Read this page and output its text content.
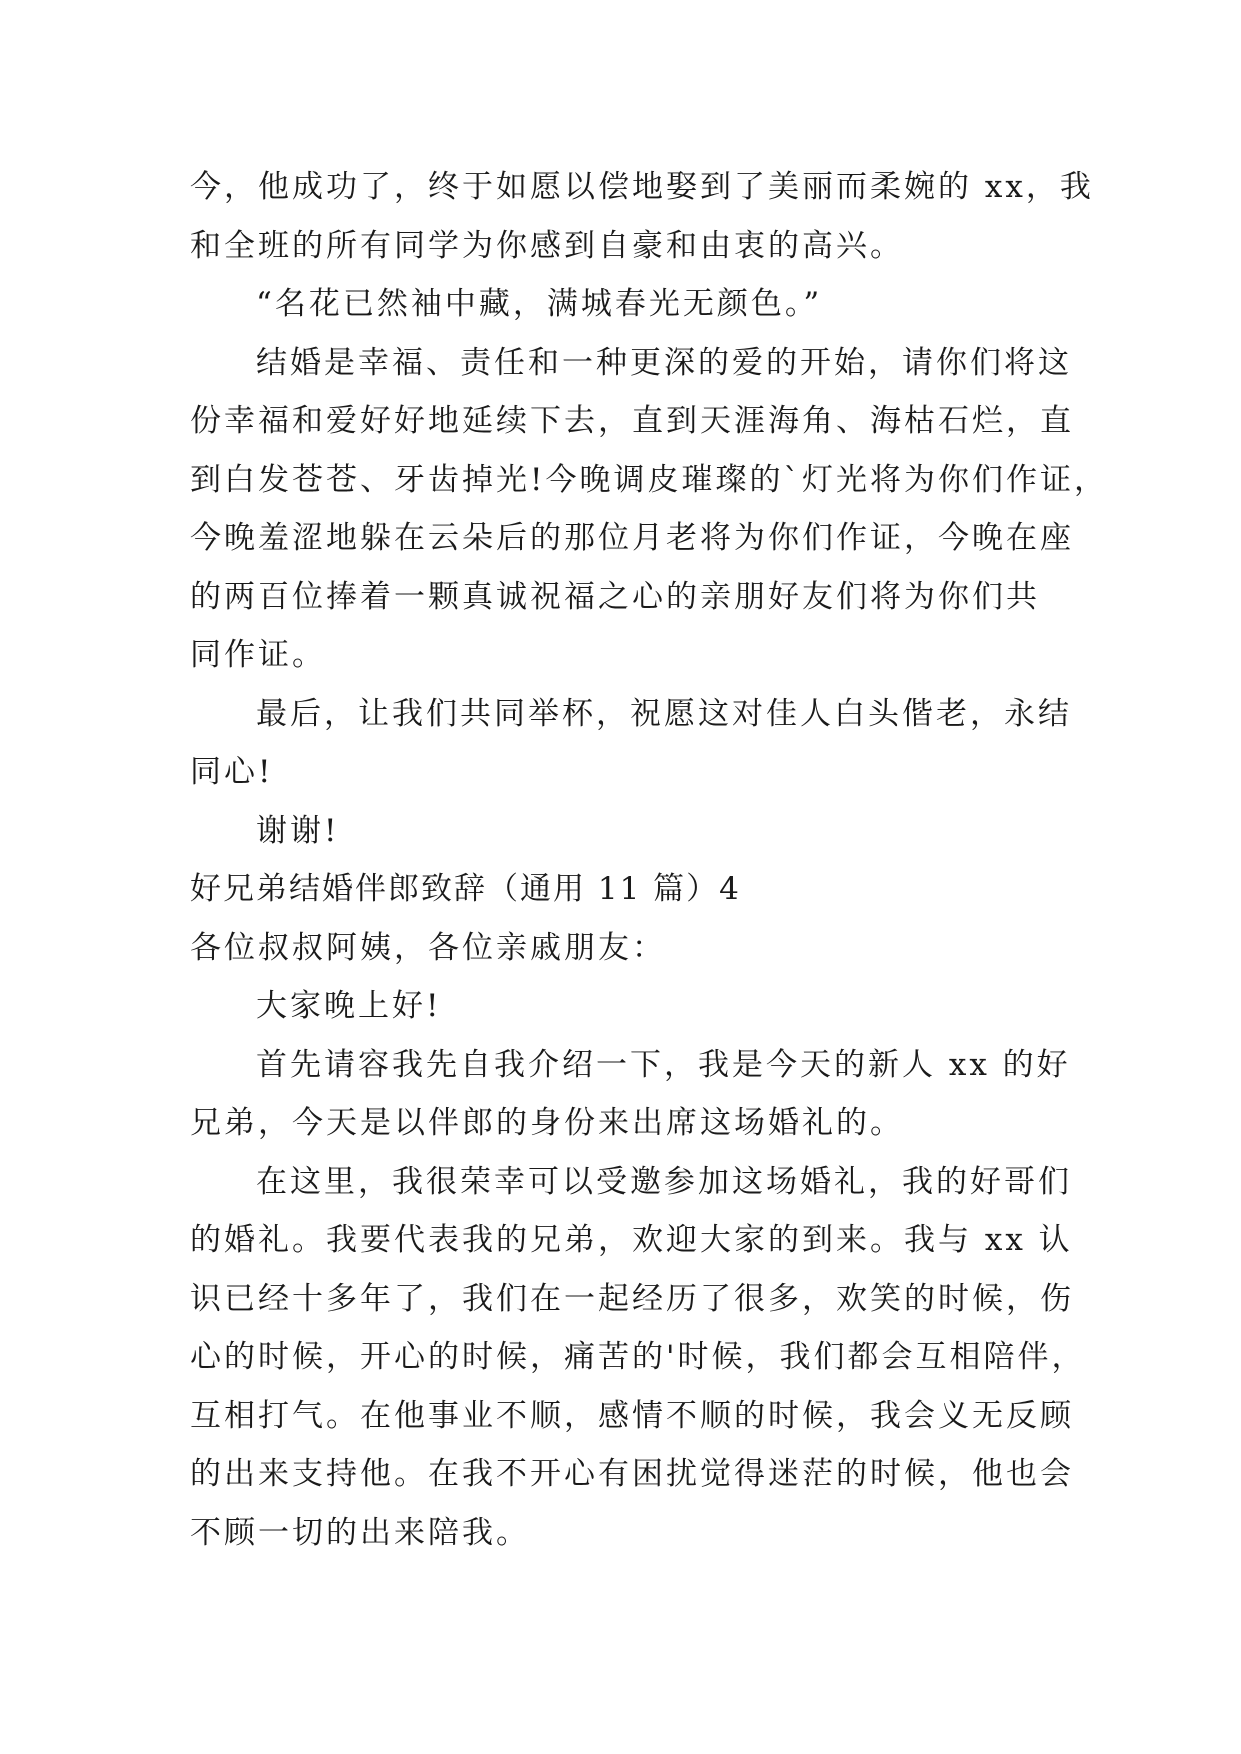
今，他成功了，终于如愿以偿地娶到了美丽而柔婉的 xx，我
和全班的所有同学为你感到自豪和由衷的高兴。
“名花已然袖中藏，满城春光无颜色。”
结婚是幸福、责任和一种更深的爱的开始，请你们将这
份幸福和爱好好地延续下去，直到天涯海角、海枯石烂，直
到白发苍苍、牙齿掉光!今晚调皮璀璨的`灯光将为你们作证，
今晚羞涩地躲在云朵后的那位月老将为你们作证，今晚在座
的两百位捧着一颗真诚祝福之心的亲朋好友们将为你们共
同作证。
最后，让我们共同举杯，祝愿这对佳人白头偕老，永结
同心!
谢谢!
好兄弟结婚伴郎致辞（通用 11 篇）4
各位叔叔阿姨，各位亲戚朋友：
大家晚上好!
首先请容我先自我介绍一下，我是今天的新人 xx 的好
兄弟，今天是以伴郎的身份来出席这场婚礼的。
在这里，我很荣幸可以受邀参加这场婚礼，我的好哥们
的婚礼。我要代表我的兄弟，欢迎大家的到来。我与 xx 认
识已经十多年了，我们在一起经历了很多，欢笑的时候，伤
心的时候，开心的时候，痛苦的'时候，我们都会互相陪伴，
互相打气。在他事业不顺，感情不顺的时候，我会义无反顾
的出来支持他。在我不开心有困扰觉得迷茫的时候，他也会
不顾一切的出来陪我。
